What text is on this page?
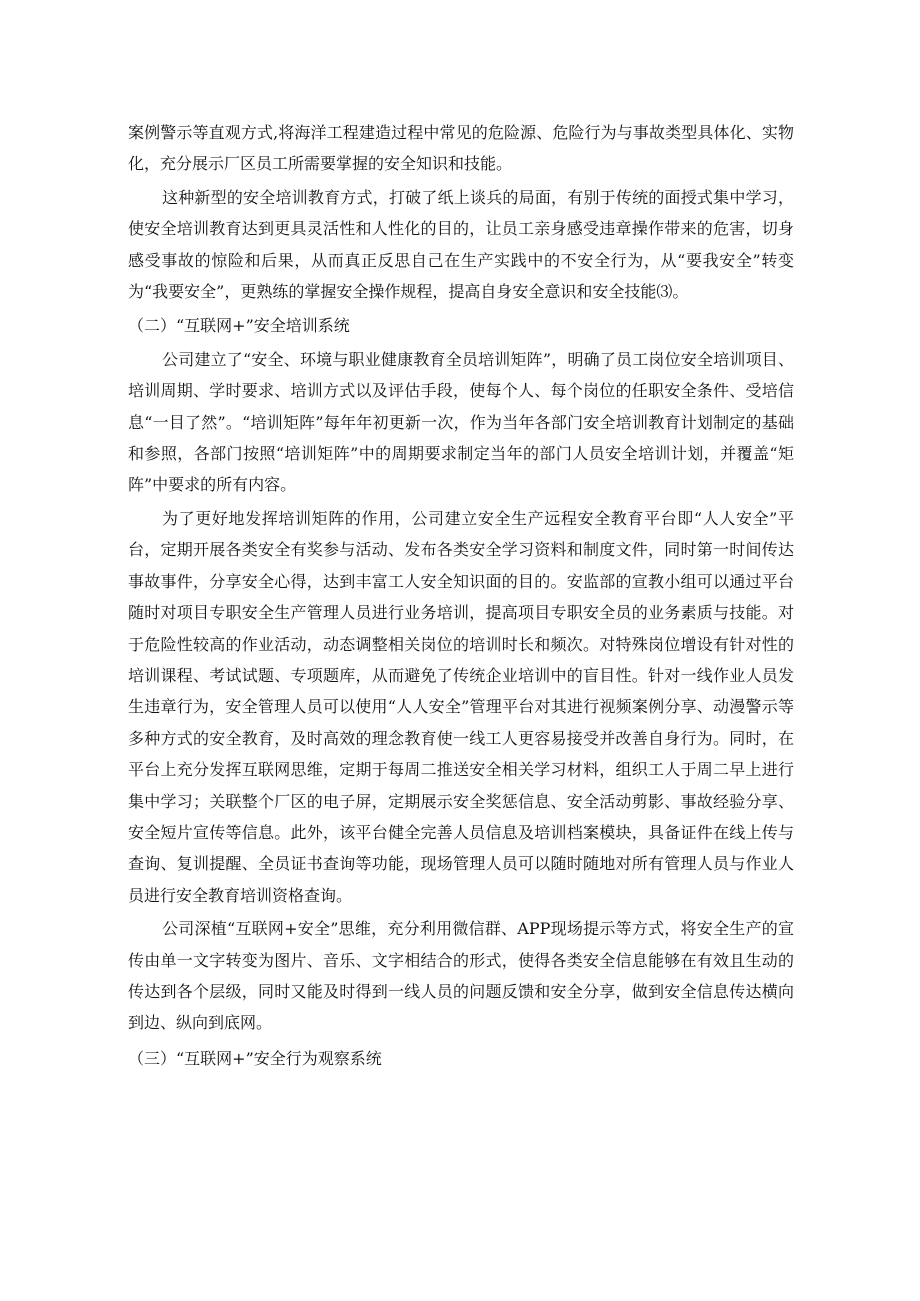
案例警示等直观方式,将海洋工程建造过程中常见的危险源、危险行为与事故类型具体化、实物化，充分展示厂区员工所需要掌握的安全知识和技能。

这种新型的安全培训教育方式，打破了纸上谈兵的局面，有别于传统的面授式集中学习，使安全培训教育达到更具灵活性和人性化的目的，让员工亲身感受违章操作带来的危害，切身感受事故的惊险和后果，从而真正反思自己在生产实践中的不安全行为，从“要我安全”转变为“我要安全”，更熟练的掌握安全操作规程，提高自身安全意识和安全技能⑶。

（二）“互联网+”安全培训系统

公司建立了“安全、环境与职业健康教育全员培训矩阵”，明确了员工岗位安全培训项目、培训周期、学时要求、培训方式以及评估手段，使每个人、每个岗位的任职安全条件、受培信息“一目了然”。“培训矩阵”每年年初更新一次，作为当年各部门安全培训教育计划制定的基础和参照，各部门按照“培训矩阵”中的周期要求制定当年的部门人员安全培训计划，并覆盖“矩阵”中要求的所有内容。

为了更好地发挥培训矩阵的作用，公司建立安全生产远程安全教育平台即“人人安全”平台，定期开展各类安全有奖参与活动、发布各类安全学习资料和制度文件，同时第一时间传达事故事件，分享安全心得，达到丰富工人安全知识面的目的。安监部的宣教小组可以通过平台随时对项目专职安全生产管理人员进行业务培训，提高项目专职安全员的业务素质与技能。对于危险性较高的作业活动，动态调整相关岗位的培训时长和频次。对特殊岗位增设有针对性的培训课程、考试试题、专项题库，从而避免了传统企业培训中的盲目性。针对一线作业人员发生违章行为，安全管理人员可以使用“人人安全”管理平台对其进行视频案例分享、动漫警示等多种方式的安全教育，及时高效的理念教育使一线工人更容易接受并改善自身行为。同时，在平台上充分发挥互联网思维，定期于每周二推送安全相关学习材料，组织工人于周二早上进行集中学习；关联整个厂区的电子屏，定期展示安全奖惩信息、安全活动剪影、事故经验分享、安全短片宣传等信息。此外，该平台健全完善人员信息及培训档案模块，具备证件在线上传与查询、复训提醒、全员证书查询等功能，现场管理人员可以随时随地对所有管理人员与作业人员进行安全教育培训资格查询。

公司深植“互联网+安全”思维，充分利用微信群、APP现场提示等方式，将安全生产的宣传由单一文字转变为图片、音乐、文字相结合的形式，使得各类安全信息能够在有效且生动的传达到各个层级，同时又能及时得到一线人员的问题反馈和安全分享，做到安全信息传达横向到边、纵向到底网。

（三）“互联网+”安全行为观察系统
